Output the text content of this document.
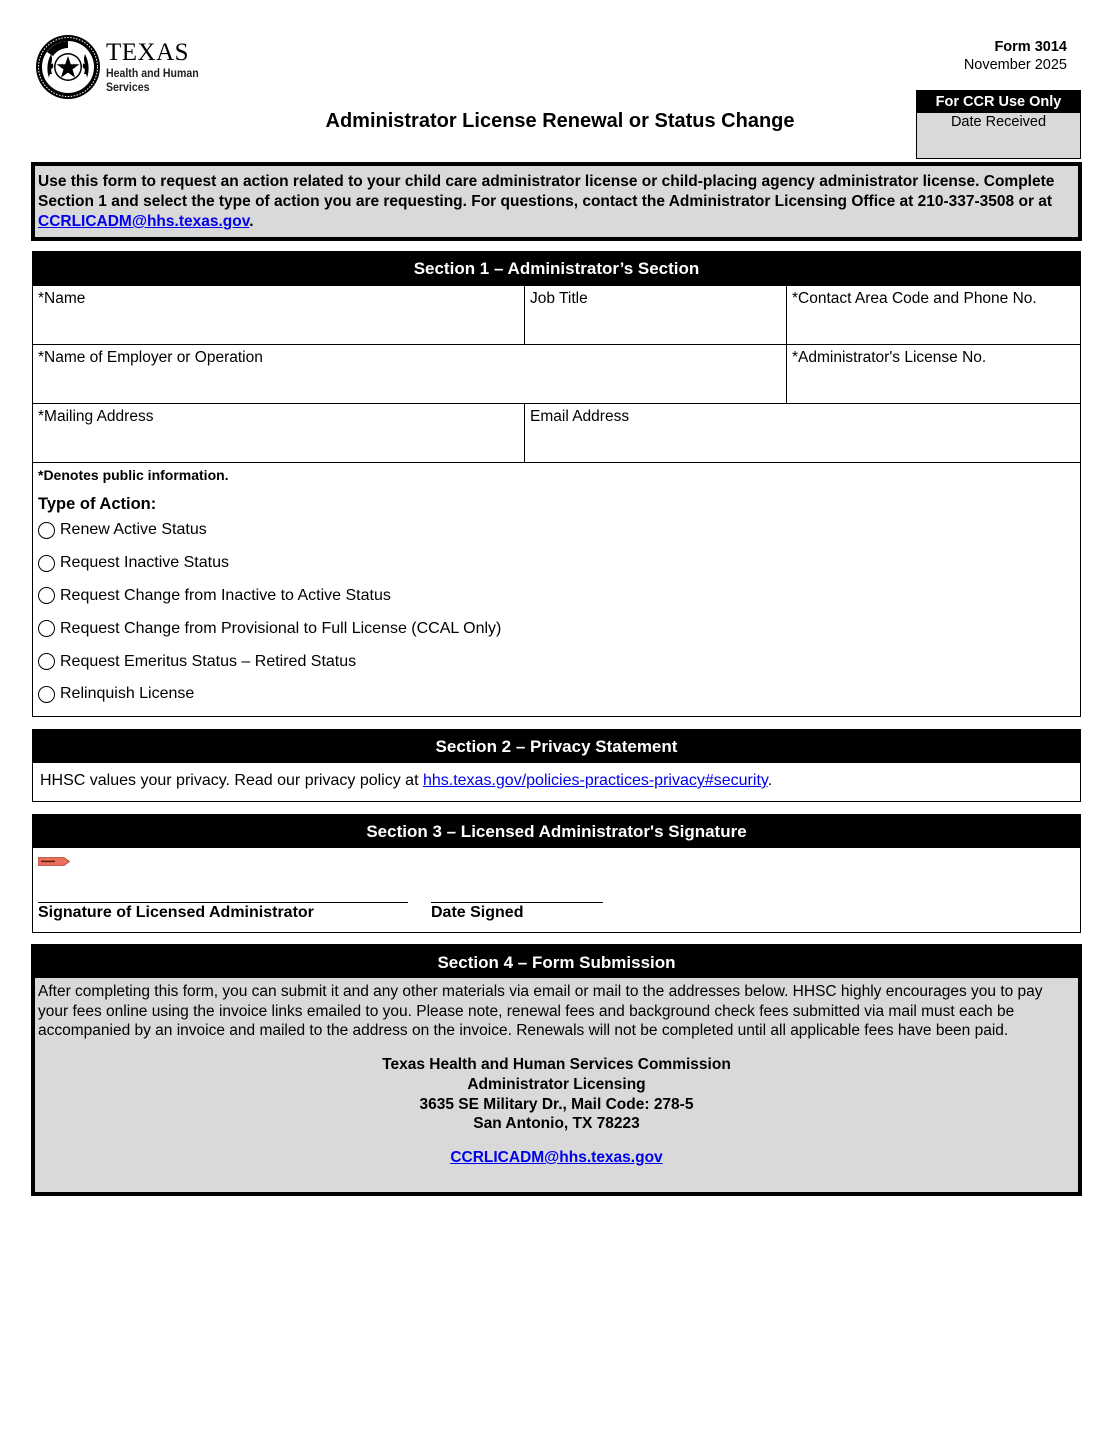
TEXAS
Health and Human
Services
Form 3014
November 2025
For CCR Use Only
Date Received
Administrator License Renewal or Status Change
Use this form to request an action related to your child care administrator license or child-placing agency administrator license. Complete Section 1 and select the type of action you are requesting. For questions, contact the Administrator Licensing Office at 210-337-3508 or at CCRLICADM@hhs.texas.gov.
Section 1 – Administrator’s Section
*Name	Job Title	*Contact Area Code and Phone No.
*Name of Employer or Operation	*Administrator's License No.
*Mailing Address	Email Address
*Denotes public information.
Type of Action:
Renew Active Status
Request Inactive Status
Request Change from Inactive to Active Status
Request Change from Provisional to Full License (CCAL Only)
Request Emeritus Status – Retired Status
Relinquish License
Section 2 – Privacy Statement
HHSC values your privacy. Read our privacy policy at hhs.texas.gov/policies-practices-privacy#security.
Section 3 – Licensed Administrator's Signature
Signature of Licensed Administrator	Date Signed
Section 4 – Form Submission
After completing this form, you can submit it and any other materials via email or mail to the addresses below. HHSC highly encourages you to pay your fees online using the invoice links emailed to you. Please note, renewal fees and background check fees submitted via mail must each be accompanied by an invoice and mailed to the address on the invoice. Renewals will not be completed until all applicable fees have been paid.
Texas Health and Human Services Commission
Administrator Licensing
3635 SE Military Dr., Mail Code: 278-5
San Antonio, TX 78223
CCRLICADM@hhs.texas.gov
